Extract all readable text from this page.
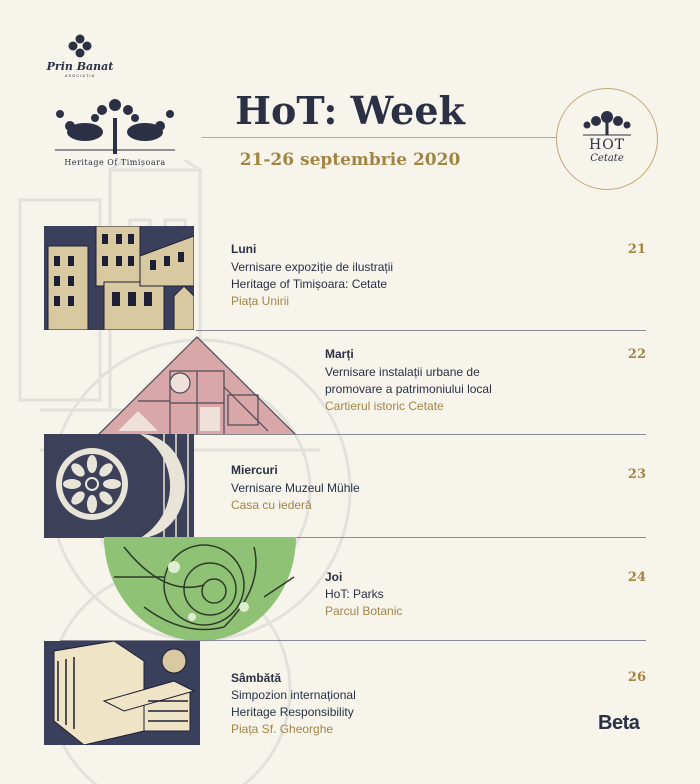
Prin Banat
ASOCIAȚIA
Heritage Of Timișoara
HoT: Week
21-26 septembrie 2020
HOT
Cetate
Luni
Vernisare expoziție de ilustrații
Heritage of Timișoara: Cetate
Piața Unirii
21
Marți
Vernisare instalații urbane de
promovare a patrimoniului local
Cartierul istoric Cetate
22
Miercuri
Vernisare Muzeul Mühle
Casa cu iederă
23
Joi
HoT: Parks
Parcul Botanic
24
Sâmbătă
Simpozion internațional
Heritage Responsibility
Piața Sf. Gheorghe
26
Beta
